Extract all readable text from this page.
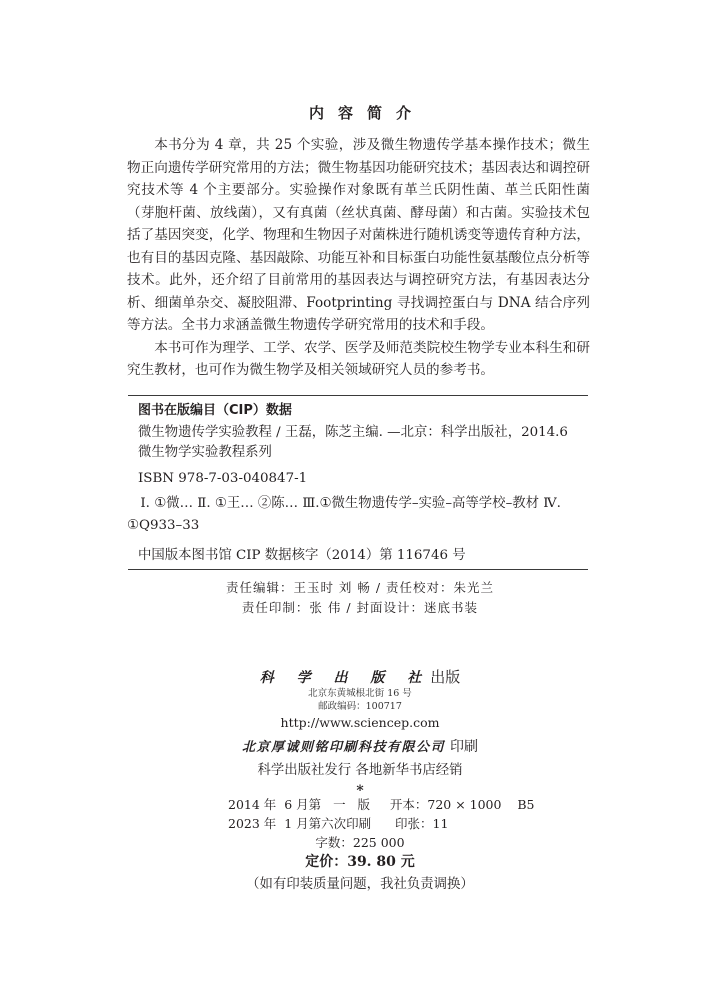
内容简介

本书分为 4 章，共 25 个实验，涉及微生物遗传学基本操作技术；微生物正向遗传学研究常用的方法；微生物基因功能研究技术；基因表达和调控研究技术等 4 个主要部分。实验操作对象既有革兰氏阴性菌、革兰氏阳性菌（芽胞杆菌、放线菌），又有真菌（丝状真菌、酵母菌）和古菌。实验技术包括了基因突变，化学、物理和生物因子对菌株进行随机诱变等遗传育种方法，也有目的基因克隆、基因敲除、功能互补和目标蛋白功能性氨基酸位点分析等技术。此外，还介绍了目前常用的基因表达与调控研究方法，有基因表达分析、细菌单杂交、凝胶阻滞、Footprinting 寻找调控蛋白与 DNA 结合序列等方法。全书力求涵盖微生物遗传学研究常用的技术和手段。

本书可作为理学、工学、农学、医学及师范类院校生物学专业本科生和研究生教材，也可作为微生物学及相关领域研究人员的参考书。

图书在版编目（CIP）数据
微生物遗传学实验教程 / 王磊，陈芝主编. —北京：科学出版社，2014.6
微生物学实验教程系列
ISBN 978-7-03-040847-1
Ⅰ. ①微… Ⅱ. ①王… ②陈… Ⅲ.①微生物遗传学–实验–高等学校–教材 Ⅳ. ①Q933–33
中国版本图书馆 CIP 数据核字（2014）第 116746 号
责任编辑：王玉时 刘 畅 / 责任校对：朱光兰
责任印制：张 伟 / 封面设计：迷底书装
科 学 出 版 社出版
北京东黄城根北街 16 号
邮政编码：100717
http://www.sciencep.com
北京厚诚则铭印刷科技有限公司 印刷
科学出版社发行 各地新华书店经销
*
2014 年  6 月第   一   版     开本：720 × 1000    B5
2023 年  1 月第六次印刷      印张：11
字数：225 000
定价：39. 80 元
（如有印装质量问题，我社负责调换）
